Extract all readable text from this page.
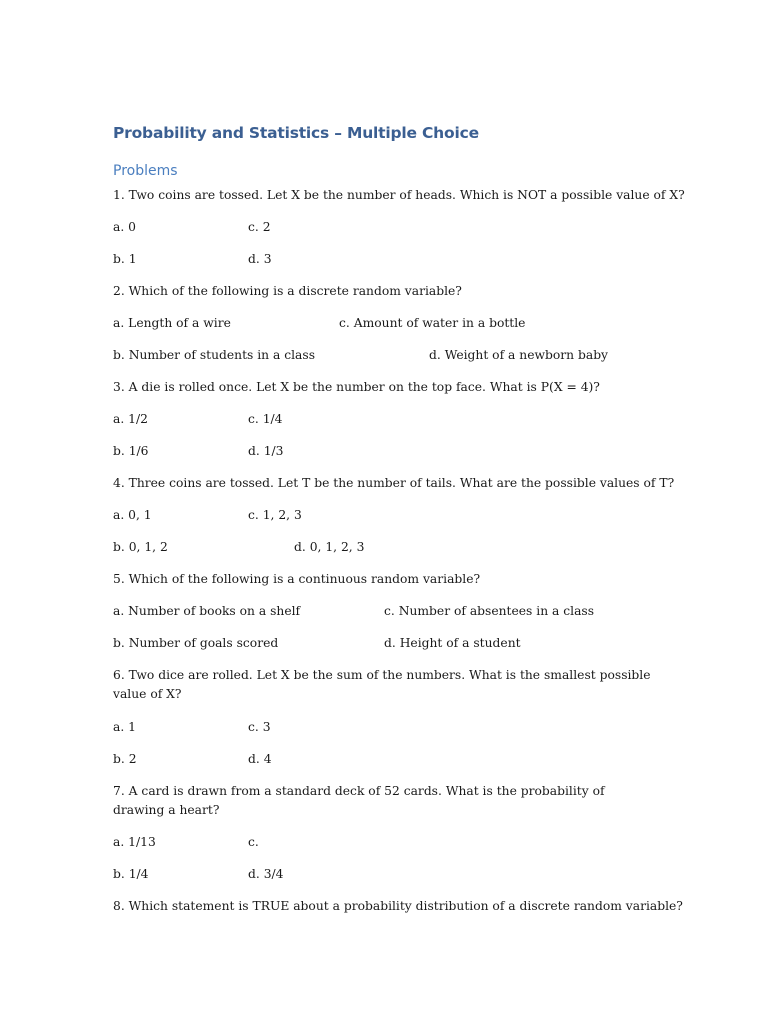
Probability and Statistics – Multiple Choice
Problems
1. Two coins are tossed. Let X be the number of heads. Which is NOT a possible value of X?
a. 0	c. 2
b. 1	d. 3
2. Which of the following is a discrete random variable?
a. Length of a wire	c. Amount of water in a bottle
b. Number of students in a class	d. Weight of a newborn baby
3. A die is rolled once. Let X be the number on the top face. What is P(X = 4)?
a. 1/2	c. 1/4
b. 1/6	d. 1/3
4. Three coins are tossed. Let T be the number of tails. What are the possible values of T?
a. 0, 1	c. 1, 2, 3
b. 0, 1, 2	d. 0, 1, 2, 3
5. Which of the following is a continuous random variable?
a. Number of books on a shelf	c. Number of absentees in a class
b. Number of goals scored	d. Height of a student
6. Two dice are rolled. Let X be the sum of the numbers. What is the smallest possible value of X?
a. 1	c. 3
b. 2	d. 4
7. A card is drawn from a standard deck of 52 cards. What is the probability of drawing a heart?
a. 1/13	c.
b. 1/4	d. 3/4
8. Which statement is TRUE about a probability distribution of a discrete random variable?
